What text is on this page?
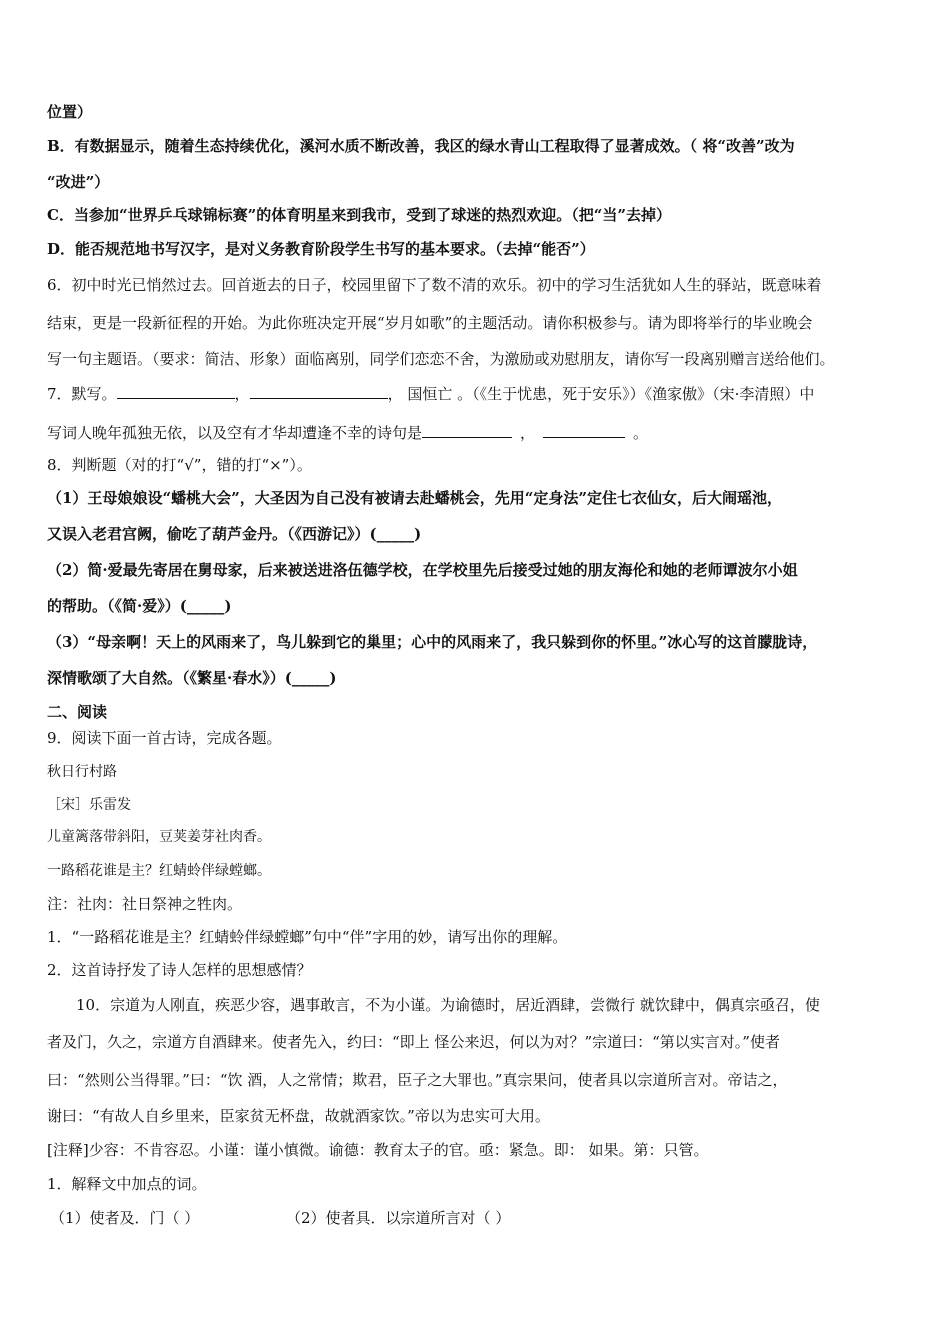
位置）
B．有数据显示，随着生态持续优化，溪河水质不断改善，我区的绿水青山工程取得了显著成效。（ 将“改善”改为
“改进”）
C．当参加“世界乒乓球锦标赛”的体育明星来到我市，受到了球迷的热烈欢迎。（把“当”去掉）
D．能否规范地书写汉字，是对义务教育阶段学生书写的基本要求。（去掉“能否”）
6．初中时光已悄然过去。回首逝去的日子，校园里留下了数不清的欢乐。初中的学习生活犹如人生的驿站，既意味着
结束，更是一段新征程的开始。为此你班决定开展“岁月如歌”的主题活动。请你积极参与。请为即将举行的毕业晚会
写一句主题语。（要求：简洁、形象）面临离别，同学们恋恋不舍，为激励或劝慰朋友，请你写一段离别赠言送给他们。
7．默写。	，	， 国恒亡 。（《生于忧患，死于安乐》）《渔家傲》（宋·李清照）中
写词人晚年孤独无依，以及空有才华却遭逢不幸的诗句是	，	。
8．判断题（对的打“√”，错的打“×”）。
（1）王母娘娘设“蟠桃大会”，大圣因为自己没有被请去赴蟠桃会，先用“定身法”定住七衣仙女，后大闹瑶池，
又误入老君宫阙，偷吃了葫芦金丹。（《西游记》）(_____)
（2）简·爱最先寄居在舅母家，后来被送进洛伍德学校，在学校里先后接受过她的朋友海伦和她的老师谭波尔小姐
的帮助。（《简·爱》）(_____)
（3）“母亲啊！天上的风雨来了，鸟儿躲到它的巢里；心中的风雨来了，我只躲到你的怀里。”冰心写的这首朦胧诗，
深情歌颂了大自然。（《繁星·春水》）(_____)
二、阅读
9．阅读下面一首古诗，完成各题。
秋日行村路
［宋］乐雷发
儿童篱落带斜阳，豆荚姜芽社肉香。
一路稻花谁是主？红蜻蛉伴绿螳螂。
注：社肉：社日祭神之牲肉。
1．“一路稻花谁是主？红蜻蛉伴绿螳螂”句中“伴”字用的妙，请写出你的理解。
2．这首诗抒发了诗人怎样的思想感情？
10．宗道为人刚直，疾恶少容，遇事敢言，不为小谨。为谕德时，居近酒肆，尝微行 就饮肆中，偶真宗亟召，使
者及门，久之，宗道方自酒肆来。使者先入，约曰：“即上 怪公来迟，何以为对？”宗道曰：“第以实言对。”使者
曰：“然则公当得罪。”曰：“饮 酒，人之常情；欺君，臣子之大罪也。”真宗果问，使者具以宗道所言对。帝诘之，
谢曰：“有故人自乡里来，臣家贫无杯盘，故就酒家饮。”帝以为忠实可大用。
[注释]少容：不肯容忍。小谨：谨小慎微。谕德：教育太子的官。亟：紧急。即： 如果。第：只管。
1．解释文中加点的词。
（1）使者及．门（ ）	（2）使者具．以宗道所言对（ ）
